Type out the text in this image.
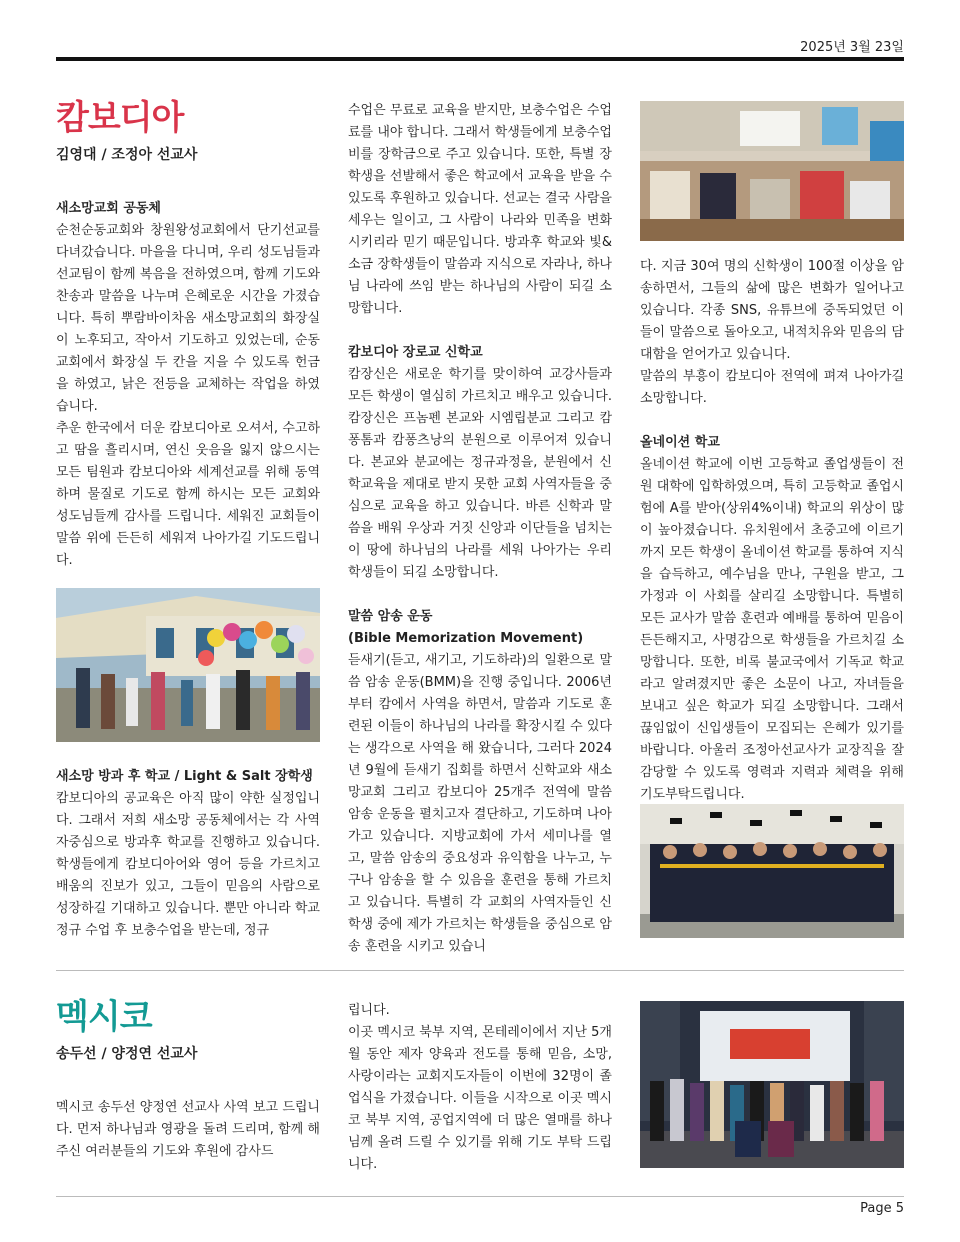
2025년 3월 23일
캄보디아
김영대 / 조정아 선교사

새소망교회 공동체

순천순동교회와 창원왕성교회에서 단기선교를 다녀갔습니다. 마을을 다니며, 우리 성도님들과 선교팀이 함께 복음을 전하였으며, 함께 기도와 찬송과 말씀을 나누며 은혜로운 시간을 가졌습니다. 특히 뿌람바이차옴 새소망교회의 화장실이 노후되고, 작아서 기도하고 있었는데, 순동교회에서 화장실 두 칸을 지을 수 있도록 헌금을 하였고, 낡은 전등을 교체하는 작업을 하였습니다.

추운 한국에서 더운 캄보디아로 오셔서, 수고하고 땀을 흘리시며, 연신 웃음을 잃지 않으시는 모든 팀원과 캄보디아와 세계선교를 위해 동역하며 물질로 기도로 함께 하시는 모든 교회와 성도님들께 감사를 드립니다. 세워진 교회들이 말씀 위에 든든히 세워져 나아가길 기도드립니다.

새소망 방과 후 학교 / Light & Salt 장학생

캄보디아의 공교육은 아직 많이 약한 실정입니다. 그래서 저희 새소망 공동체에서는 각 사역자중심으로 방과후 학교를 진행하고 있습니다. 학생들에게 캄보디아어와 영어 등을 가르치고 배움의 진보가 있고, 그들이 믿음의 사람으로 성장하길 기대하고 있습니다. 뿐만 아니라 학교 정규 수업 후 보충수업을 받는데, 정규

수업은 무료로 교육을 받지만, 보충수업은 수업료를 내야 합니다. 그래서 학생들에게 보충수업비를 장학금으로 주고 있습니다. 또한, 특별 장학생을 선발해서 좋은 학교에서 교육을 받을 수 있도록 후원하고 있습니다. 선교는 결국 사람을 세우는 일이고, 그 사람이 나라와 민족을 변화시키리라 믿기 때문입니다. 방과후 학교와 빛&소금 장학생들이 말씀과 지식으로 자라나, 하나님 나라에 쓰임 받는 하나님의 사람이 되길 소망합니다.

캄보디아 장로교 신학교

캄장신은 새로운 학기를 맞이하여 교강사들과 모든 학생이 열심히 가르치고 배우고 있습니다. 캄장신은 프놈펜 본교와 시엠립분교 그리고 캄퐁톰과 캄퐁츠낭의 분원으로 이루어져 있습니다. 본교와 분교에는 정규과정을, 분원에서 신학교육을 제대로 받지 못한 교회 사역자들을 중심으로 교육을 하고 있습니다. 바른 신학과 말씀을 배워 우상과 거짓 신앙과 이단들을 넘치는 이 땅에 하나님의 나라를 세워 나아가는 우리 학생들이 되길 소망합니다.

말씀 암송 운동

(Bible Memorization Movement)

듣새기(듣고, 새기고, 기도하라)의 일환으로 말씀 암송 운동(BMM)을 진행 중입니다. 2006년부터 캄에서 사역을 하면서, 말씀과 기도로 훈련된 이들이 하나님의 나라를 확장시킬 수 있다는 생각으로 사역을 해 왔습니다, 그러다 2024년 9월에 듣새기 집회를 하면서 신학교와 새소망교회 그리고 캄보디아 25개주 전역에 말씀 암송 운동을 펼치고자 결단하고, 기도하며 나아가고 있습니다. 지방교회에 가서 세미나를 열고, 말씀 암송의 중요성과 유익함을 나누고, 누구나 암송을 할 수 있음을 훈련을 통해 가르치고 있습니다. 특별히 각 교회의 사역자들인 신학생 중에 제가 가르치는 학생들을 중심으로 암송 훈련을 시키고 있습니

다. 지금 30여 명의 신학생이 100절 이상을 암송하면서, 그들의 삶에 많은 변화가 일어나고 있습니다. 각종 SNS, 유튜브에 중독되었던 이들이 말씀으로 돌아오고, 내적치유와 믿음의 담대함을 얻어가고 있습니다.

말씀의 부흥이 캄보디아 전역에 펴져 나아가길 소망합니다.

올네이션 학교

올네이션 학교에 이번 고등학교 졸업생들이 전원 대학에 입학하였으며, 특히 고등학교 졸업시험에 A를 받아(상위4%이내) 학교의 위상이 많이 높아졌습니다. 유치원에서 초중고에 이르기까지 모든 학생이 올네이션 학교를 통하여 지식을 습득하고, 예수님을 만나, 구원을 받고, 그 가정과 이 사회를 살리길 소망합니다. 특별히 모든 교사가 말씀 훈련과 예배를 통하여 믿음이 든든해지고, 사명감으로 학생들을 가르치길 소망합니다. 또한, 비록 불교국에서 기독교 학교라고 알려졌지만 좋은 소문이 나고, 자녀들을 보내고 싶은 학교가 되길 소망합니다. 그래서 끊임없이 신입생들이 모집되는 은혜가 있기를 바랍니다. 아울러 조정아선교사가 교장직을 잘 감당할 수 있도록 영력과 지력과 체력을 위해 기도부탁드립니다.

멕시코
송두선 / 양정연 선교사

멕시코 송두선 양정연 선교사 사역 보고 드립니다. 먼저 하나님과 영광을 돌려 드리며, 함께 해주신 여러분들의 기도와 후원에 감사드

립니다.

이곳 멕시코 북부 지역, 몬테레이에서 지난 5개월 동안 제자 양육과 전도를 통해 믿음, 소망, 사랑이라는 교회지도자들이 이번에 32명이 졸업식을 가졌습니다. 이들을 시작으로 이곳 멕시코 북부 지역, 공업지역에 더 많은 열매를 하나님께 올려 드릴 수 있기를 위해 기도 부탁 드립니다.

Page 5
